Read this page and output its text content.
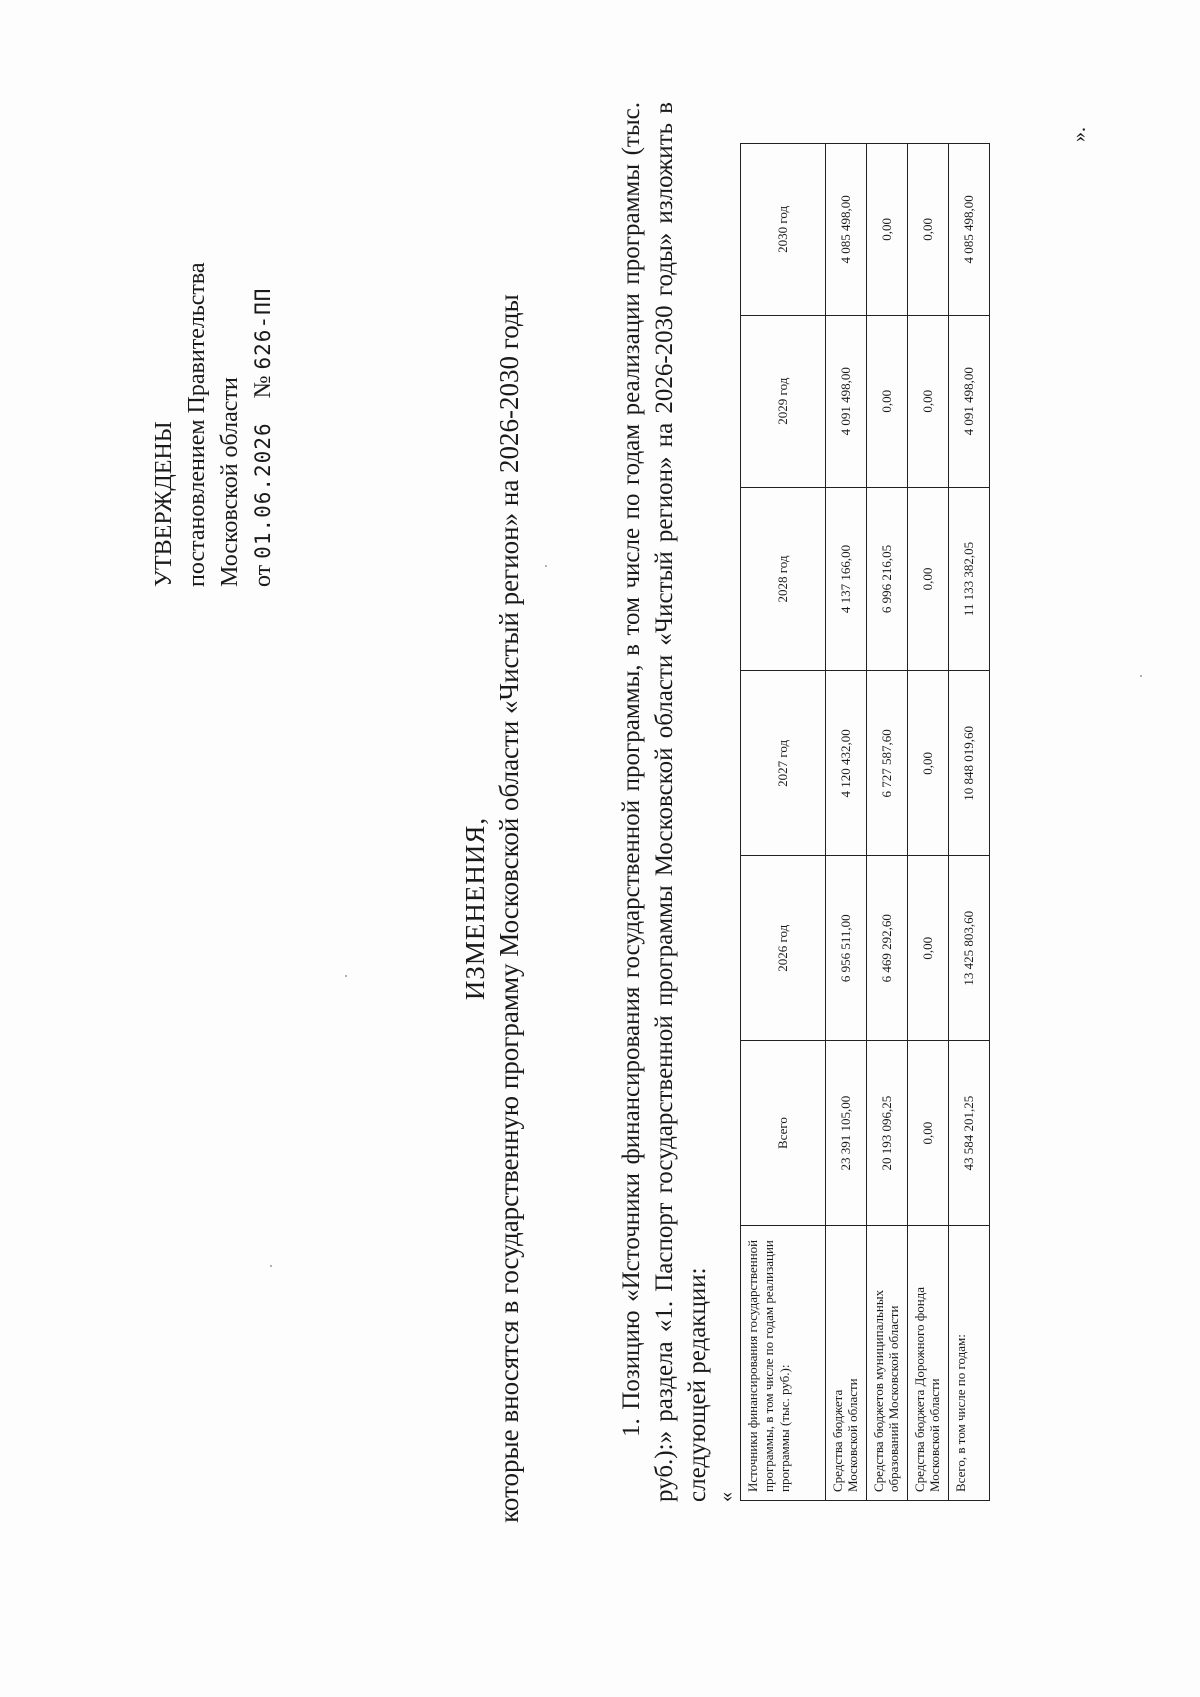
УТВЕРЖДЕНЫ постановлением Правительства Московской области от 01.06.2026    № 626-ПП
ИЗМЕНЕНИЯ, которые вносятся в государственную программу Московской области «Чистый регион» на 2026-2030 годы	1. Позицию «Источники финансирования государственной программы, в том числе по годам реализации программы (тыс. руб.):» раздела «1. Паспорт государственной программы Московской области «Чистый регион» на 2026-2030 годы» изложить в следующей редакции: «
Источники финансирования государственной программы, в том числе по годам реализации программы (тыс. руб.):	Всего	2026 год	2027 год	2028 год	2029 год	2030 год
Средства бюджета
Московской области	23 391 105,00	6 956 511,00	4 120 432,00	4 137 166,00	4 091 498,00	4 085 498,00
Средства бюджетов муниципальных
образований Московской области	20 193 096,25	6 469 292,60	6 727 587,60	6 996 216,05	0,00	0,00
Средства бюджета Дорожного фонда
Московской области	0,00	0,00	0,00	0,00	0,00	0,00
Всего, в том числе по годам:	43 584 201,25	13 425 803,60	10 848 019,60	11 133 382,05	4 091 498,00	4 085 498,00
».
